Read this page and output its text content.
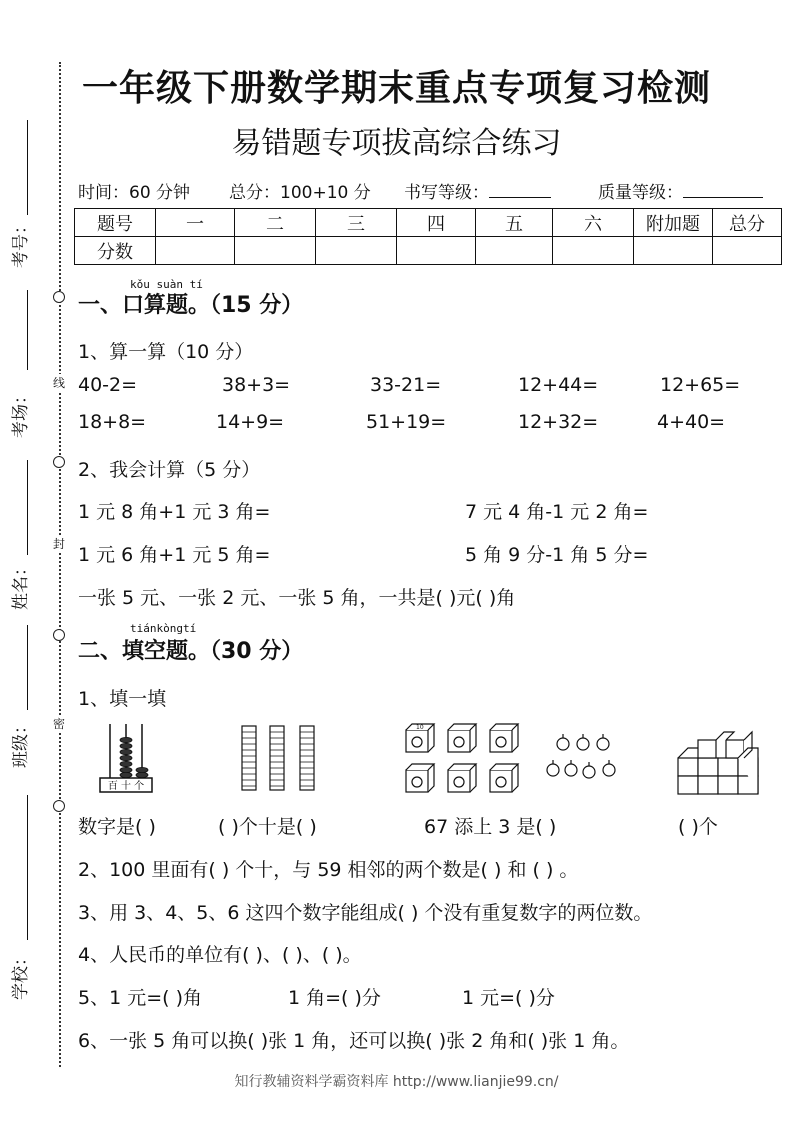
一年级下册数学期末重点专项复习检测
易错题专项拔高综合练习
时间：60 分钟 总分：100+10 分 书写等级：	质量等级：
题号	一	二	三	四	五	六	附加题	总分
分数								
线
封
密
考号：
考场：
姓名：
班级：
学校：
kǒu suàn tí
一、口算题。（15 分）
1、算一算（10 分）
40-2=	38+3=	33-21=	12+44=	12+65=
18+8=	14+9=	51+19=	12+32=	4+40=
2、我会计算（5 分）
1 元 8 角+1 元 3 角=	7 元 4 角-1 元 2 角=
1 元 6 角+1 元 5 角=	5 角 9 分-1 角 5 分=
一张 5 元、一张 2 元、一张 5 角，一共是( )元( )角
tiánkòngtí
二、填空题。（30 分）
1、填一填
百 十 个
10
数字是( )	( )个十是( )	67 添上 3 是( )	( )个
2、100 里面有( ) 个十，与 59 相邻的两个数是( ) 和 ( ) 。
3、用 3、4、5、6 这四个数字能组成( ) 个没有重复数字的两位数。
4、人民币的单位有( )、( )、( )。
5、1 元=( )角	1 角=( )分	1 元=( )分
6、一张 5 角可以换( )张 1 角，还可以换( )张 2 角和( )张 1 角。
知行教辅资料学霸资料库 http://www.lianjie99.cn/
